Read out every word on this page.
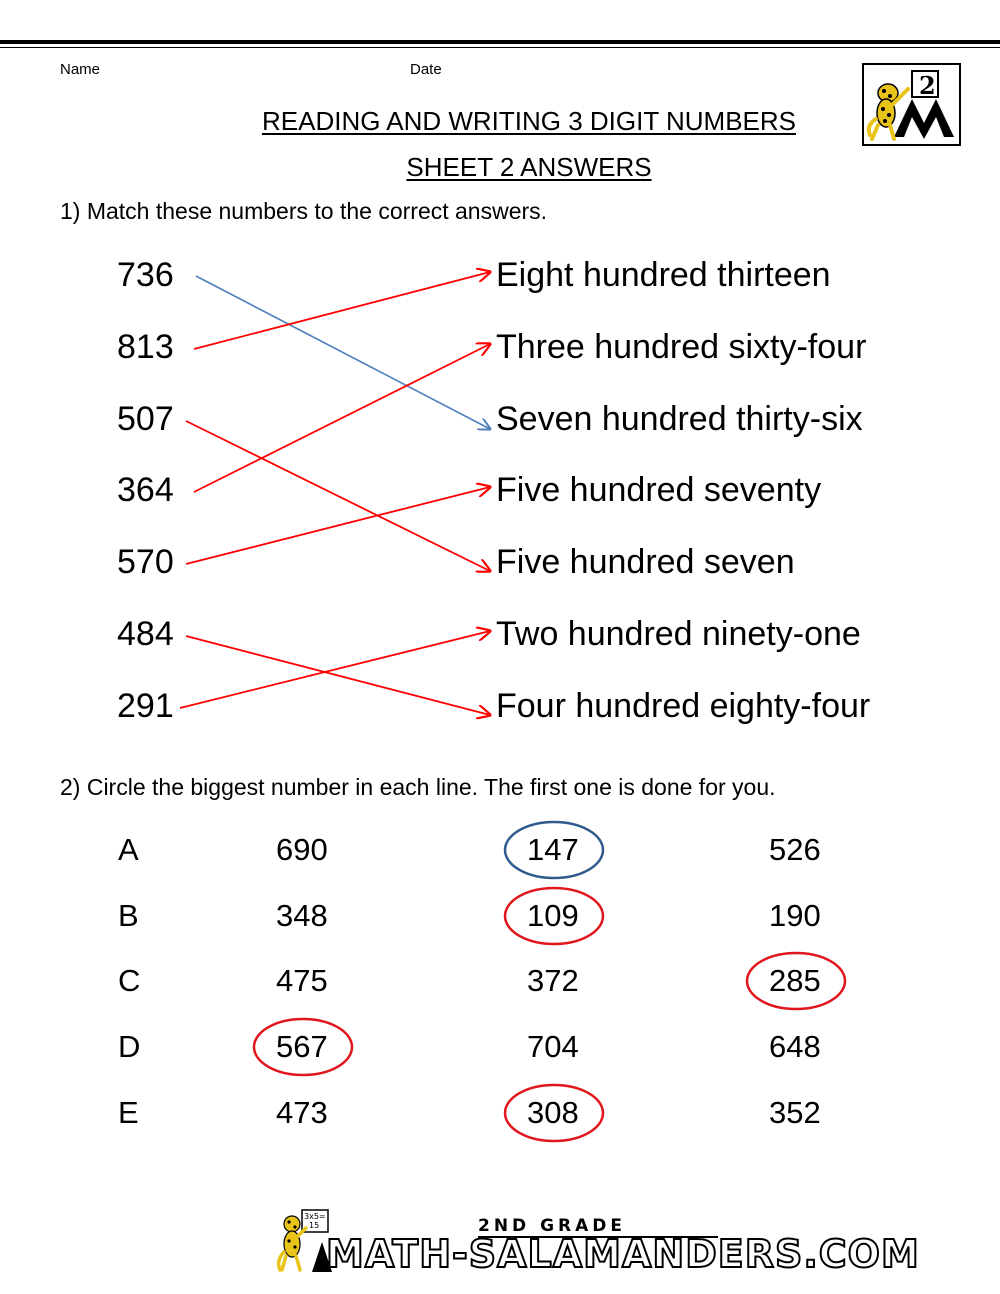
Name	Date
READING AND WRITING 3 DIGIT NUMBERS
SHEET 2 ANSWERS
2
1) Match these numbers to the correct answers.
736
813
507
364
570
484
291
Eight hundred thirteen
Three hundred sixty-four
Seven hundred thirty-six
Five hundred seventy
Five hundred seven
Two hundred ninety-one
Four hundred eighty-four
2) Circle the biggest number in each line. The first one is done for you.
A	690	147	526
B	348	109	190
C	475	372	285
D	567	704	648
E	473	308	352
3x5=
15	2ND GRADE
MATH-SALAMANDERS.COM
